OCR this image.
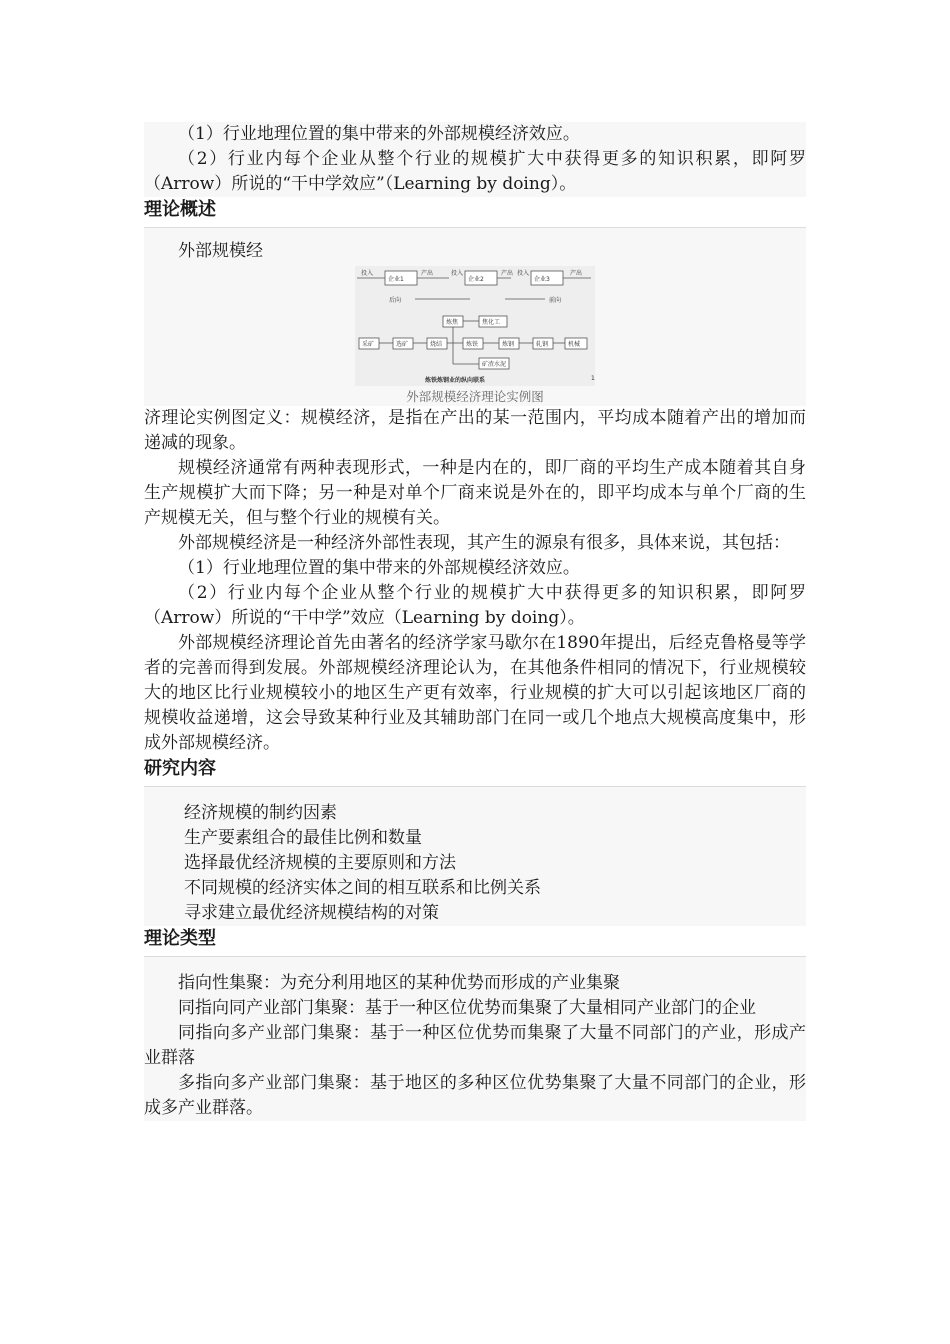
（1）行业地理位置的集中带来的外部规模经济效应。

（2）行业内每个企业从整个行业的规模扩大中获得更多的知识积累，即阿罗（Arrow）所说的“干中学效应”（Learning by doing）。

理论概述

外部规模经

投入
企业1
产出	投入
企业2
产出 投入
企业3
产出
后向	前向
采矿	选矿	烧结
炼焦	焦化工
炼铁	炼钢	轧钢	机械
矿渣水泥
炼铁炼钢业的纵向联系	1
外部规模经济理论实例图

济理论实例图定义：规模经济，是指在产出的某一范围内，平均成本随着产出的增加而递减的现象。

规模经济通常有两种表现形式，一种是内在的，即厂商的平均生产成本随着其自身生产规模扩大而下降；另一种是对单个厂商来说是外在的，即平均成本与单个厂商的生产规模无关，但与整个行业的规模有关。

外部规模经济是一种经济外部性表现，其产生的源泉有很多，具体来说，其包括：

（1）行业地理位置的集中带来的外部规模经济效应。

（2）行业内每个企业从整个行业的规模扩大中获得更多的知识积累，即阿罗（Arrow）所说的“干中学”效应（Learning by doing）。

外部规模经济理论首先由著名的经济学家马歇尔在1890年提出，后经克鲁格曼等学者的完善而得到发展。外部规模经济理论认为，在其他条件相同的情况下，行业规模较大的地区比行业规模较小的地区生产更有效率，行业规模的扩大可以引起该地区厂商的规模收益递增，这会导致某种行业及其辅助部门在同一或几个地点大规模高度集中，形成外部规模经济。

研究内容

经济规模的制约因素

生产要素组合的最佳比例和数量

选择最优经济规模的主要原则和方法

不同规模的经济实体之间的相互联系和比例关系

寻求建立最优经济规模结构的对策

理论类型

指向性集聚：为充分利用地区的某种优势而形成的产业集聚

同指向同产业部门集聚：基于一种区位优势而集聚了大量相同产业部门的企业

同指向多产业部门集聚：基于一种区位优势而集聚了大量不同部门的产业，形成产业群落

多指向多产业部门集聚：基于地区的多种区位优势集聚了大量不同部门的企业，形成多产业群落。
